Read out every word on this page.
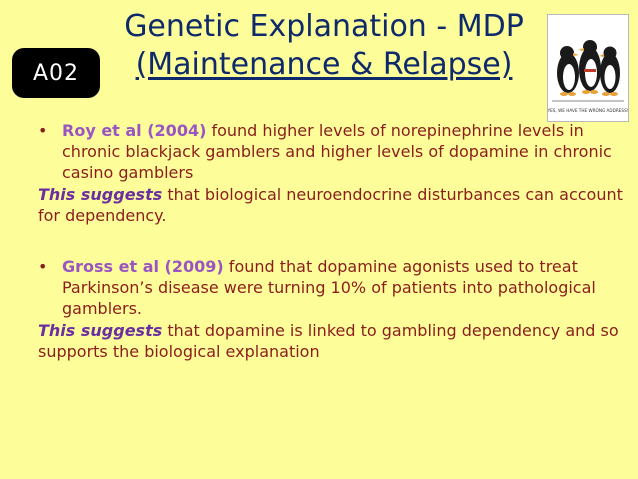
A02
Genetic Explanation - MDP
(Maintenance & Relapse)
YES, WE HAVE THE WRONG ADDRESS!
• Roy et al (2004) found higher levels of norepinephrine levels in chronic blackjack gamblers and higher levels of dopamine in chronic casino gamblers
This suggests that biological neuroendocrine disturbances can account for dependency.
• Gross et al (2009) found that dopamine agonists used to treat Parkinson’s disease were turning 10% of patients into pathological gamblers.
This suggests that dopamine is linked to gambling dependency and so supports the biological explanation
